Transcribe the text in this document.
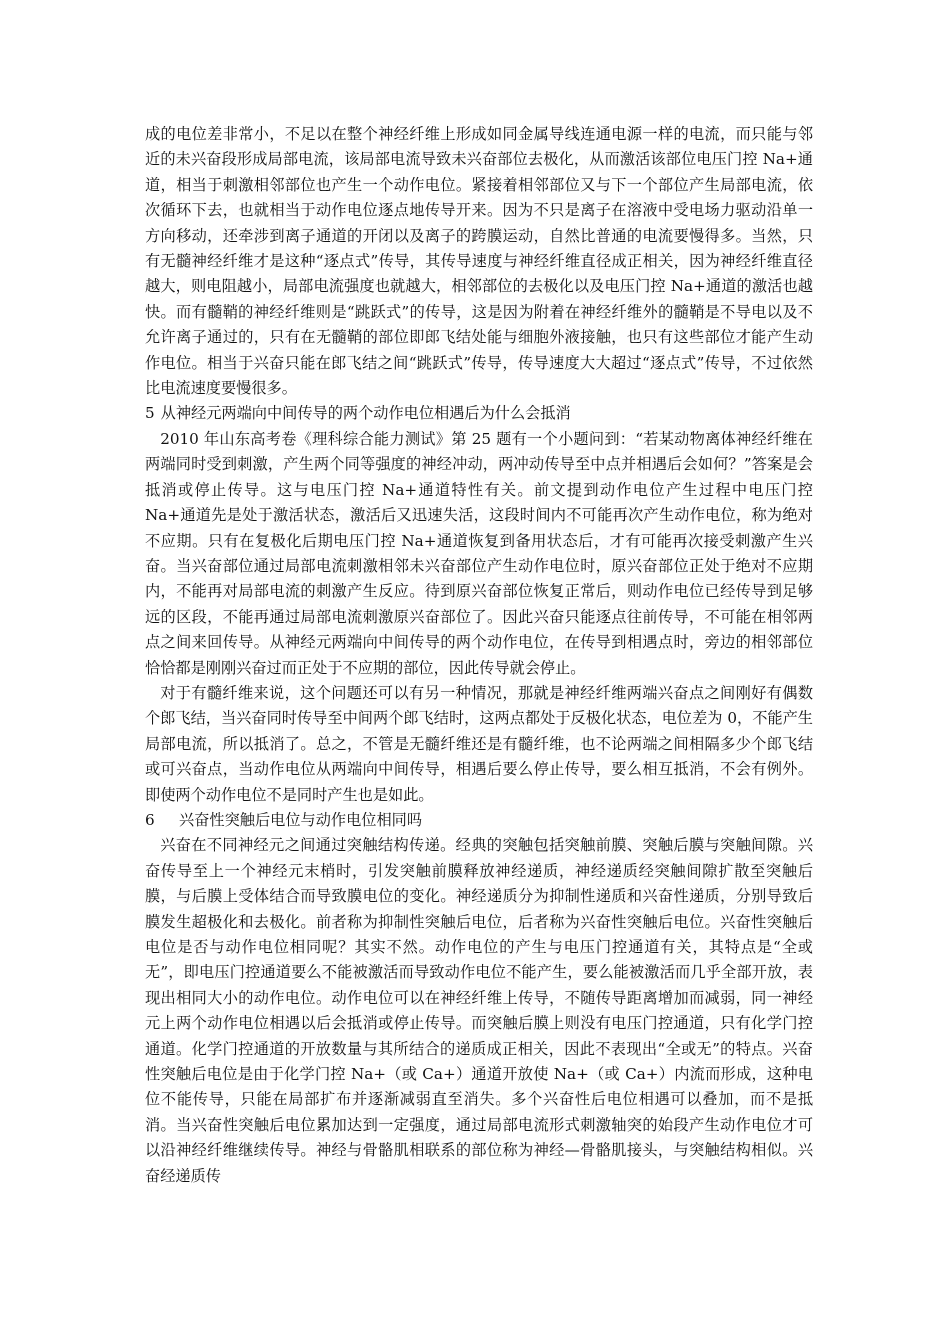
成的电位差非常小，不足以在整个神经纤维上形成如同金属导线连通电源一样的电流，而只能与邻近的未兴奋段形成局部电流，该局部电流导致未兴奋部位去极化，从而激活该部位电压门控 Na+通道，相当于刺激相邻部位也产生一个动作电位。紧接着相邻部位又与下一个部位产生局部电流，依次循环下去，也就相当于动作电位逐点地传导开来。因为不只是离子在溶液中受电场力驱动沿单一方向移动，还牵涉到离子通道的开闭以及离子的跨膜运动，自然比普通的电流要慢得多。当然，只有无髓神经纤维才是这种“逐点式”传导，其传导速度与神经纤维直径成正相关，因为神经纤维直径越大，则电阻越小，局部电流强度也就越大，相邻部位的去极化以及电压门控 Na+通道的激活也越快。而有髓鞘的神经纤维则是“跳跃式”的传导，这是因为附着在神经纤维外的髓鞘是不导电以及不允许离子通过的，只有在无髓鞘的部位即郎飞结处能与细胞外液接触，也只有这些部位才能产生动作电位。相当于兴奋只能在郎飞结之间“跳跃式”传导，传导速度大大超过“逐点式”传导，不过依然比电流速度要慢很多。

5 从神经元两端向中间传导的两个动作电位相遇后为什么会抵消

2010 年山东高考卷《理科综合能力测试》第 25 题有一个小题问到：“若某动物离体神经纤维在两端同时受到刺激，产生两个同等强度的神经冲动，两冲动传导至中点并相遇后会如何？”答案是会抵消或停止传导。这与电压门控 Na+通道特性有关。前文提到动作电位产生过程中电压门控 Na+通道先是处于激活状态，激活后又迅速失活，这段时间内不可能再次产生动作电位，称为绝对不应期。只有在复极化后期电压门控 Na+通道恢复到备用状态后，才有可能再次接受刺激产生兴奋。当兴奋部位通过局部电流刺激相邻未兴奋部位产生动作电位时，原兴奋部位正处于绝对不应期内，不能再对局部电流的刺激产生反应。待到原兴奋部位恢复正常后，则动作电位已经传导到足够远的区段，不能再通过局部电流刺激原兴奋部位了。因此兴奋只能逐点往前传导，不可能在相邻两点之间来回传导。从神经元两端向中间传导的两个动作电位，在传导到相遇点时，旁边的相邻部位恰恰都是刚刚兴奋过而正处于不应期的部位，因此传导就会停止。

对于有髓纤维来说，这个问题还可以有另一种情况，那就是神经纤维两端兴奋点之间刚好有偶数个郎飞结，当兴奋同时传导至中间两个郎飞结时，这两点都处于反极化状态，电位差为 0，不能产生局部电流，所以抵消了。总之，不管是无髓纤维还是有髓纤维，也不论两端之间相隔多少个郎飞结或可兴奋点，当动作电位从两端向中间传导，相遇后要么停止传导，要么相互抵消，不会有例外。即使两个动作电位不是同时产生也是如此。

6 兴奋性突触后电位与动作电位相同吗

兴奋在不同神经元之间通过突触结构传递。经典的突触包括突触前膜、突触后膜与突触间隙。兴奋传导至上一个神经元末梢时，引发突触前膜释放神经递质，神经递质经突触间隙扩散至突触后膜，与后膜上受体结合而导致膜电位的变化。神经递质分为抑制性递质和兴奋性递质，分别导致后膜发生超极化和去极化。前者称为抑制性突触后电位，后者称为兴奋性突触后电位。兴奋性突触后电位是否与动作电位相同呢？其实不然。动作电位的产生与电压门控通道有关，其特点是“全或无”，即电压门控通道要么不能被激活而导致动作电位不能产生，要么能被激活而几乎全部开放，表现出相同大小的动作电位。动作电位可以在神经纤维上传导，不随传导距离增加而减弱，同一神经元上两个动作电位相遇以后会抵消或停止传导。而突触后膜上则没有电压门控通道，只有化学门控通道。化学门控通道的开放数量与其所结合的递质成正相关，因此不表现出“全或无”的特点。兴奋性突触后电位是由于化学门控 Na+（或 Ca+）通道开放使 Na+（或 Ca+）内流而形成，这种电位不能传导，只能在局部扩布并逐渐减弱直至消失。多个兴奋性后电位相遇可以叠加，而不是抵消。当兴奋性突触后电位累加达到一定强度，通过局部电流形式刺激轴突的始段产生动作电位才可以沿神经纤维继续传导。神经与骨骼肌相联系的部位称为神经—骨骼肌接头，与突触结构相似。兴奋经递质传
